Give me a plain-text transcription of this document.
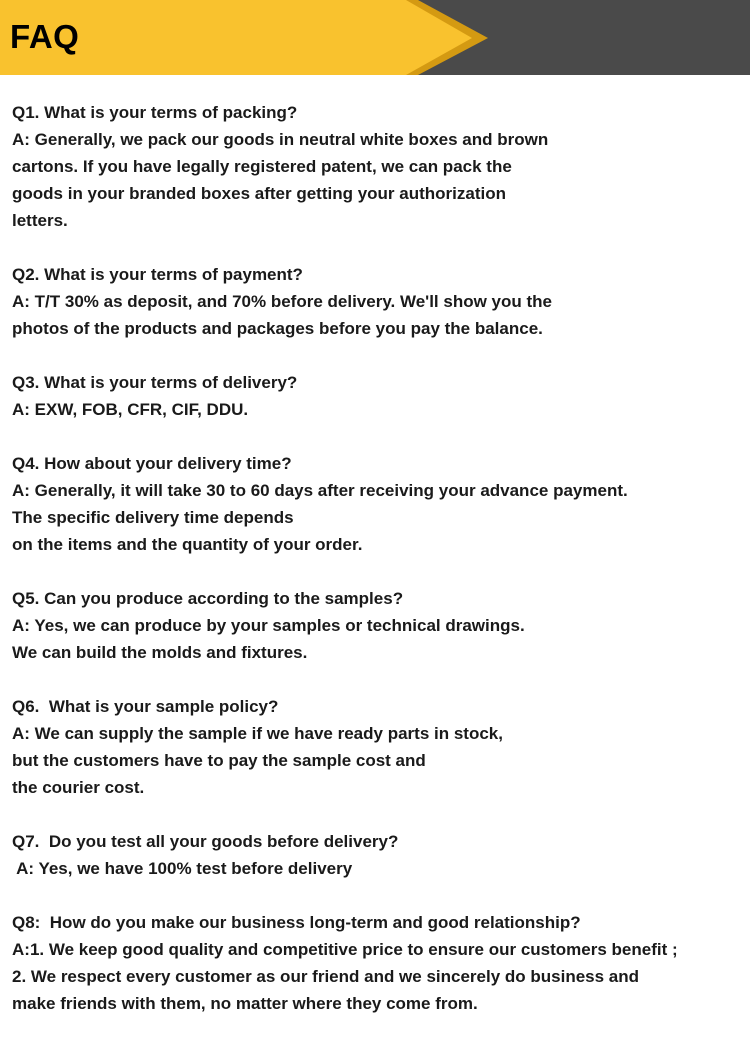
FAQ
Q1. What is your terms of packing?
A: Generally, we pack our goods in neutral white boxes and brown
cartons. If you have legally registered patent, we can pack the
goods in your branded boxes after getting your authorization
letters.
Q2. What is your terms of payment?
A: T/T 30% as deposit, and 70% before delivery. We'll show you the
photos of the products and packages before you pay the balance.
Q3. What is your terms of delivery?
A: EXW, FOB, CFR, CIF, DDU.
Q4. How about your delivery time?
A: Generally, it will take 30 to 60 days after receiving your advance payment.
The specific delivery time depends
on the items and the quantity of your order.
Q5. Can you produce according to the samples?
A: Yes, we can produce by your samples or technical drawings.
We can build the molds and fixtures.
Q6.  What is your sample policy?
A: We can supply the sample if we have ready parts in stock,
but the customers have to pay the sample cost and
the courier cost.
Q7.  Do you test all your goods before delivery?
A: Yes, we have 100% test before delivery
Q8:  How do you make our business long-term and good relationship?
A:1. We keep good quality and competitive price to ensure our customers benefit ;
2. We respect every customer as our friend and we sincerely do business and
make friends with them, no matter where they come from.
